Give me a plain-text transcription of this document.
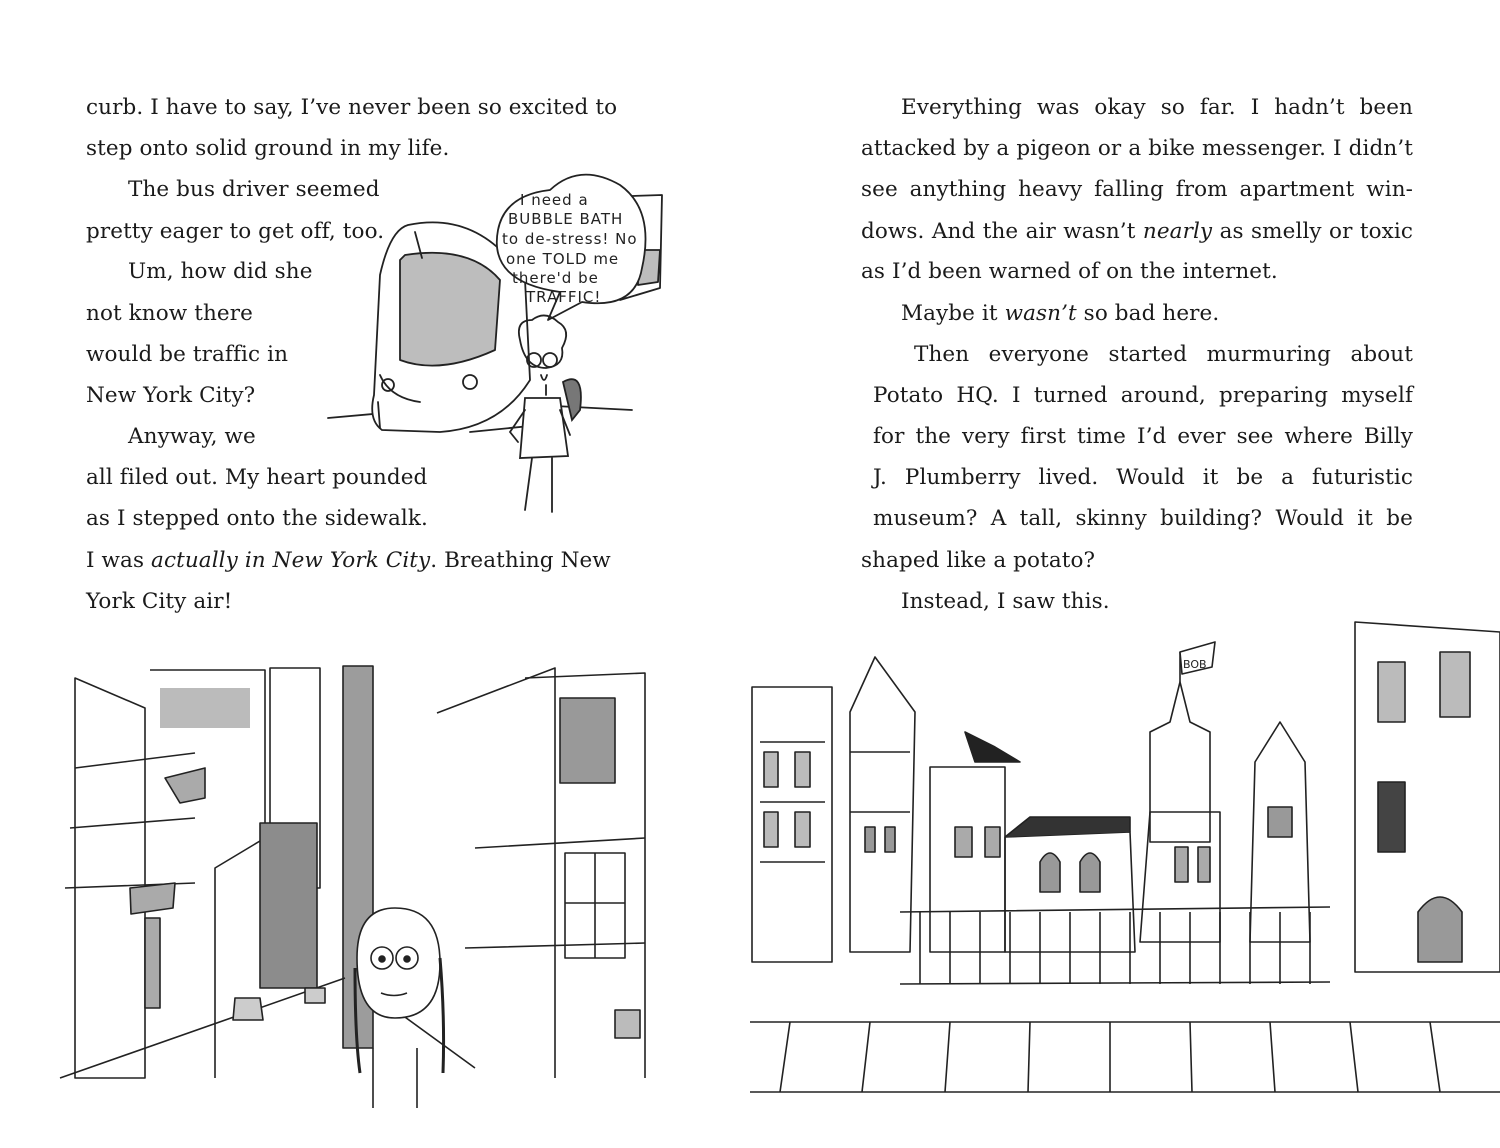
curb. I have to say, I’ve never been so excited to

step onto solid ground in my life.

The bus driver seemed

pretty eager to get off, too.

Um, how did she

not know there

would be traffic in

New York City?

Anyway, we

all filed out. My heart pounded

as I stepped onto the sidewalk.

I was actually in New York City. Breathing New

York City air!

I need a
BUBBLE BATH
to de-stress! No
one TOLD me
there'd be
TRAFFIC!

Everything was okay so far. I hadn’t been

attacked by a pigeon or a bike messenger. I didn’t

see anything heavy falling from apartment win-

dows. And the air wasn’t nearly as smelly or toxic

as I’d been warned of on the internet.

Maybe it wasn’t so bad here.

Then everyone started murmuring about

Potato HQ. I turned around, preparing myself

for the very first time I’d ever see where Billy

J. Plumberry lived. Would it be a futuristic

museum? A tall, skinny building? Would it be

shaped like a potato?

Instead, I saw this.

BOB
